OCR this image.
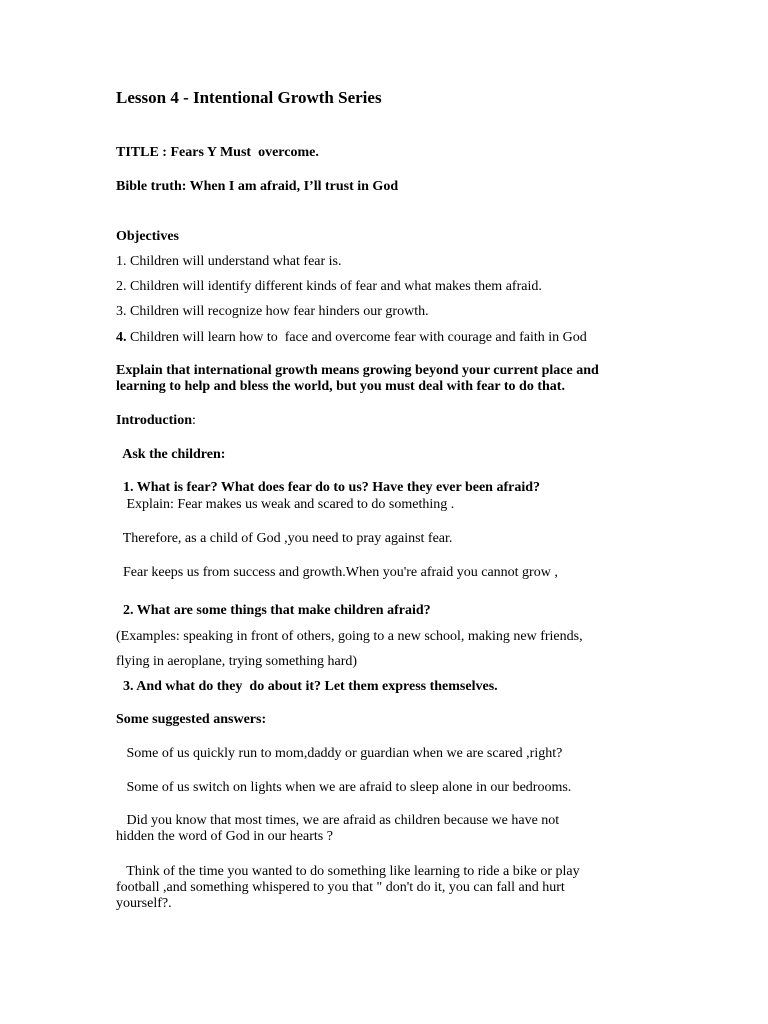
Lesson 4 - Intentional Growth Series

TITLE : Fears Y Must  overcome.

Bible truth: When I am afraid, I’ll trust in God

Objectives

1. Children will understand what fear is.

2. Children will identify different kinds of fear and what makes them afraid.

3. Children will recognize how fear hinders our growth.

4. Children will learn how to  face and overcome fear with courage and faith in God

Explain that international growth means growing beyond your current place and

learning to help and bless the world, but you must deal with fear to do that.

Introduction:

Ask the children:

1. What is fear? What does fear do to us? Have they ever been afraid?

Explain: Fear makes us weak and scared to do something .

Therefore, as a child of God ,you need to pray against fear.

Fear keeps us from success and growth.When you're afraid you cannot grow ,

2. What are some things that make children afraid?

(Examples: speaking in front of others, going to a new school, making new friends,

flying in aeroplane, trying something hard)

3. And what do they  do about it? Let them express themselves.

Some suggested answers:

Some of us quickly run to mom,daddy or guardian when we are scared ,right?

Some of us switch on lights when we are afraid to sleep alone in our bedrooms.

Did you know that most times, we are afraid as children because we have not

hidden the word of God in our hearts ?

Think of the time you wanted to do something like learning to ride a bike or play

football ,and something whispered to you that " don't do it, you can fall and hurt

yourself?.
